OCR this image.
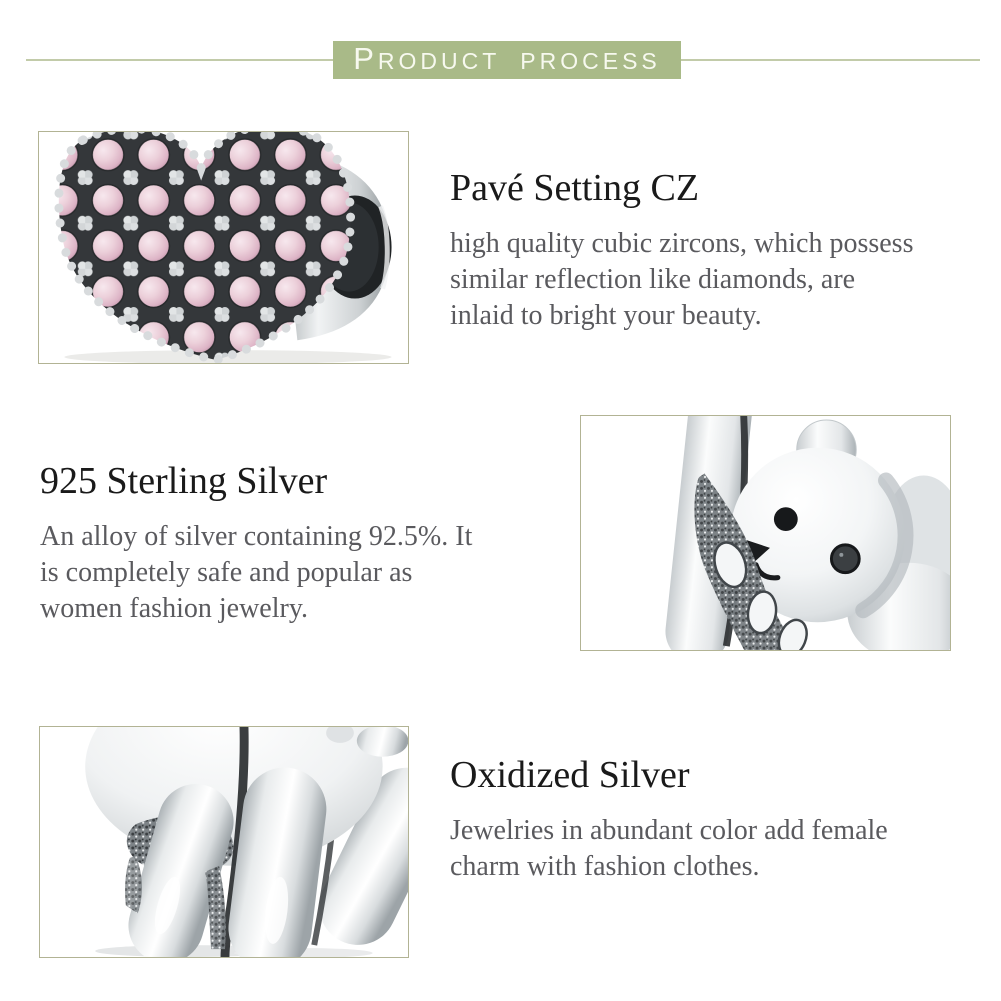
PRODUCT PROCESS
Pavé Setting CZ
high quality cubic zircons, which possess
similar reflection like diamonds, are
inlaid to bright your beauty.
925 Sterling Silver
An alloy of silver containing 92.5%. It
is completely safe and popular as
women fashion jewelry.
Oxidized Silver
Jewelries in abundant color add female
charm with fashion clothes.
